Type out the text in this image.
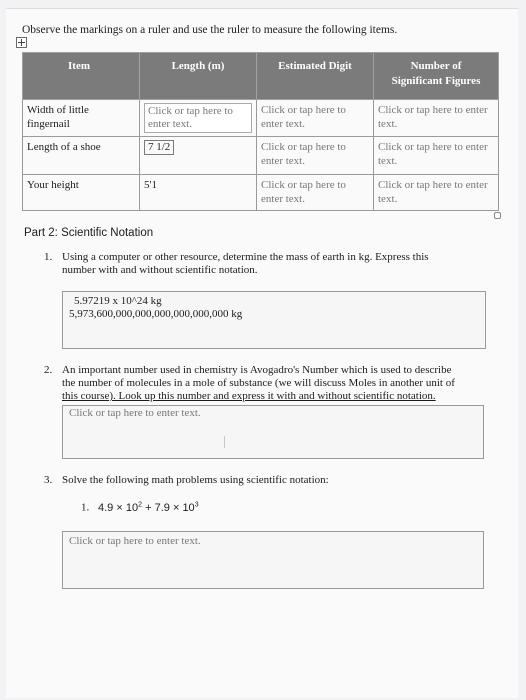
Observe the markings on a ruler and use the ruler to measure the following items.
Item	Length (m)	Estimated Digit	Number of
Significant Figures
Width of little
fingernail	Click or tap here to enter text.	Click or tap here to enter text.	Click or tap here to enter text.
Length of a shoe	7 1/2	Click or tap here to enter text.	Click or tap here to enter text.
Your height	5'1	Click or tap here to enter text.	Click or tap here to enter text.
Part 2: Scientific Notation
1. Using a computer or other resource, determine the mass of earth in kg. Express this
number with and without scientific notation.
5.97219 x 10^24 kg
5,973,600,000,000,000,000,000,000 kg
2. An important number used in chemistry is Avogadro's Number which is used to describe
the number of molecules in a mole of substance (we will discuss Moles in another unit of
this course). Look up this number and express it with and without scientific notation.
Click or tap here to enter text.
3. Solve the following math problems using scientific notation:
1. $4.9 \times 10^2 + 7.9 \times 10^3$
Click or tap here to enter text.
